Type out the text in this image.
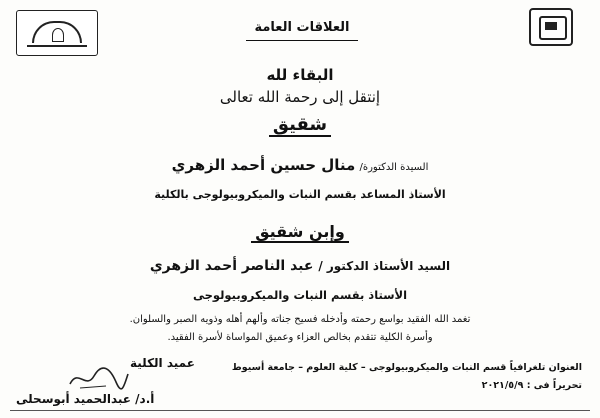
العلاقات العامة
البقاء لله
إنتقل إلى رحمة الله تعالى
شقيق
السيدة الدكتورة/ منال حسين أحمد الزهري
الأستاذ المساعد بقسم النبات والميكروبيولوجى بالكلية
وإبن شقيق
السيد الأستاذ الدكتور / عبد الناصر أحمد الزهري
الأستاذ بقسم النبات والميكروبيولوجى
تغمد الله الفقيد بواسع رحمته وأدخله فسيح جناته وألهم أهله وذويه الصبر والسلوان.
وأسرة الكلية تتقدم بخالص العزاء وعميق المواساة لأسرة الفقيد.
عميد الكلية
أ.د/ عبدالحميد أبوسحلى
العنوان تلغرافياً قسم النبات والميكروبيولوجى – كلية العلوم – جامعة أسيوط
تحريراً فى : ٢٠٢١/٥/٩
